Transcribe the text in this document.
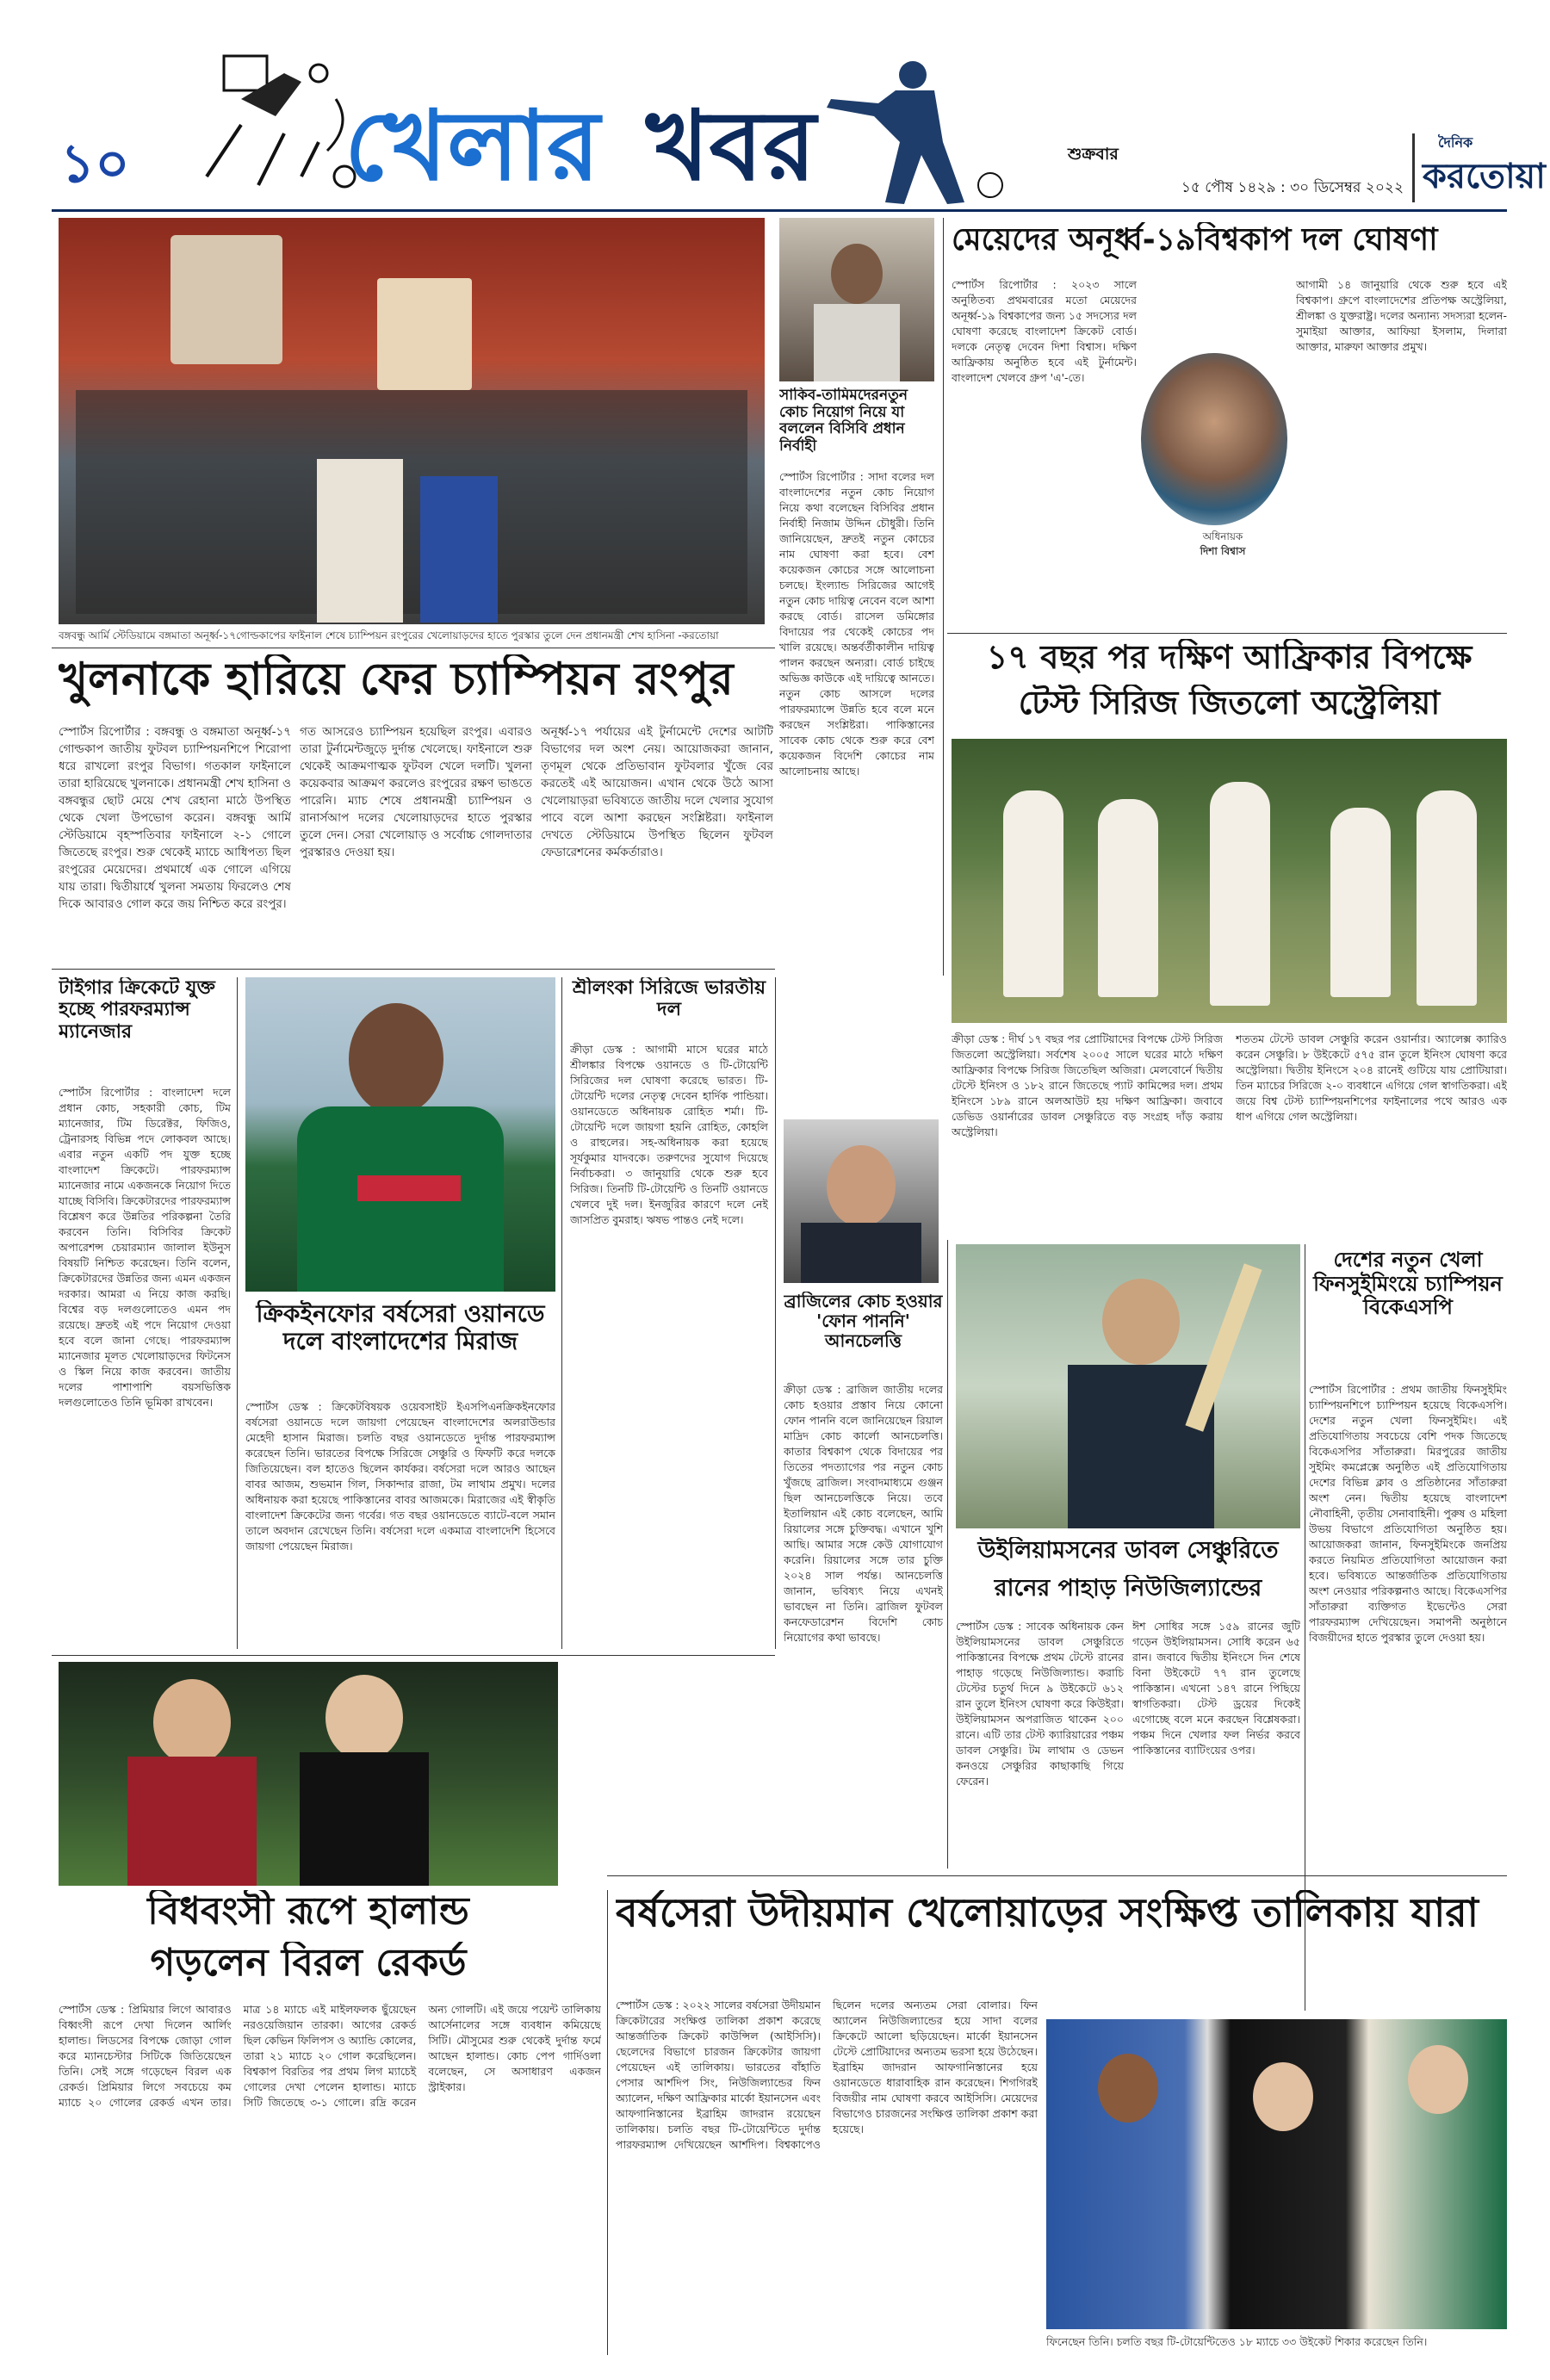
১০	খেলার খবর	শুক্রবার
১৫ পৌষ ১৪২৯ : ৩০ ডিসেম্বর ২০২২
দৈনিক
করতোয়া
বঙ্গবন্ধু আর্মি স্টেডিয়ামে বঙ্গমাতা অনূর্ধ্ব-১৭গোল্ডকাপের ফাইনাল শেষে চ্যাম্পিয়ন রংপুরের খেলোয়াড়দের হাতে পুরস্কার তুলে দেন প্রধানমন্ত্রী শেখ হাসিনা -করতোয়া
খুলনাকে হারিয়ে ফের চ্যাম্পিয়ন রংপুর
স্পোর্টস রিপোর্টার : বঙ্গবন্ধু ও বঙ্গমাতা অনূর্ধ্ব-১৭ গোল্ডকাপ জাতীয় ফুটবল চ্যাম্পিয়নশিপে শিরোপা ধরে রাখলো রংপুর বিভাগ। গতকাল ফাইনালে তারা হারিয়েছে খুলনাকে। প্রধানমন্ত্রী শেখ হাসিনা ও বঙ্গবন্ধুর ছোট মেয়ে শেখ রেহানা মাঠে উপস্থিত থেকে খেলা উপভোগ করেন। বঙ্গবন্ধু আর্মি স্টেডিয়ামে বৃহস্পতিবার ফাইনালে ২-১ গোলে জিতেছে রংপুর। শুরু থেকেই ম্যাচে আধিপত্য ছিল রংপুরের মেয়েদের। প্রথমার্ধে এক গোলে এগিয়ে যায় তারা। দ্বিতীয়ার্ধে খুলনা সমতায় ফিরলেও শেষ দিকে আবারও গোল করে জয় নিশ্চিত করে রংপুর।
গত আসরেও চ্যাম্পিয়ন হয়েছিল রংপুর। এবারও তারা টুর্নামেন্টজুড়ে দুর্দান্ত খেলেছে। ফাইনালে শুরু থেকেই আক্রমণাত্মক ফুটবল খেলে দলটি। খুলনা কয়েকবার আক্রমণ করলেও রংপুরের রক্ষণ ভাঙতে পারেনি। ম্যাচ শেষে প্রধানমন্ত্রী চ্যাম্পিয়ন ও রানার্সআপ দলের খেলোয়াড়দের হাতে পুরস্কার তুলে দেন। সেরা খেলোয়াড় ও সর্বোচ্চ গোলদাতার পুরস্কারও দেওয়া হয়।
অনূর্ধ্ব-১৭ পর্যায়ের এই টুর্নামেন্টে দেশের আটটি বিভাগের দল অংশ নেয়। আয়োজকরা জানান, তৃণমূল থেকে প্রতিভাবান ফুটবলার খুঁজে বের করতেই এই আয়োজন। এখান থেকে উঠে আসা খেলোয়াড়রা ভবিষ্যতে জাতীয় দলে খেলার সুযোগ পাবে বলে আশা করছেন সংশ্লিষ্টরা। ফাইনাল দেখতে স্টেডিয়ামে উপস্থিত ছিলেন ফুটবল ফেডারেশনের কর্মকর্তারাও।
সাকিব-তামিমদেরনতুন কোচ নিয়োগ নিয়ে যা বললেন বিসিবি প্রধান নির্বাহী
স্পোর্টস রিপোর্টার : সাদা বলের দল বাংলাদেশের নতুন কোচ নিয়োগ নিয়ে কথা বলেছেন বিসিবির প্রধান নির্বাহী নিজাম উদ্দিন চৌধুরী। তিনি জানিয়েছেন, দ্রুতই নতুন কোচের নাম ঘোষণা করা হবে। বেশ কয়েকজন কোচের সঙ্গে আলোচনা চলছে। ইংল্যান্ড সিরিজের আগেই নতুন কোচ দায়িত্ব নেবেন বলে আশা করছে বোর্ড। রাসেল ডমিঙ্গোর বিদায়ের পর থেকেই কোচের পদ খালি রয়েছে। অন্তর্বর্তীকালীন দায়িত্ব পালন করছেন অন্যরা। বোর্ড চাইছে অভিজ্ঞ কাউকে এই দায়িত্বে আনতে। নতুন কোচ আসলে দলের পারফরম্যান্সে উন্নতি হবে বলে মনে করছেন সংশ্লিষ্টরা। পাকিস্তানের সাবেক কোচ থেকে শুরু করে বেশ কয়েকজন বিদেশি কোচের নাম আলোচনায় আছে।
মেয়েদের অনূর্ধ্ব-১৯বিশ্বকাপ দল ঘোষণা
স্পোর্টস রিপোর্টার : ২০২৩ সালে অনুষ্ঠিতব্য প্রথমবারের মতো মেয়েদের অনূর্ধ্ব-১৯ বিশ্বকাপের জন্য ১৫ সদস্যের দল ঘোষণা করেছে বাংলাদেশ ক্রিকেট বোর্ড। দলকে নেতৃত্ব দেবেন দিশা বিশ্বাস। দক্ষিণ আফ্রিকায় অনুষ্ঠিত হবে এই টুর্নামেন্ট। বাংলাদেশ খেলবে গ্রুপ 'এ'-তে।
অধিনায়ক
দিশা বিশ্বাস
আগামী ১৪ জানুয়ারি থেকে শুরু হবে এই বিশ্বকাপ। গ্রুপে বাংলাদেশের প্রতিপক্ষ অস্ট্রেলিয়া, শ্রীলঙ্কা ও যুক্তরাষ্ট্র। দলের অন্যান্য সদস্যরা হলেন- সুমাইয়া আক্তার, আফিয়া ইসলাম, দিলারা আক্তার, মারুফা আক্তার প্রমুখ।
১৭ বছর পর দক্ষিণ আফ্রিকার বিপক্ষে
টেস্ট সিরিজ জিতলো অস্ট্রেলিয়া
ক্রীড়া ডেস্ক : দীর্ঘ ১৭ বছর পর প্রোটিয়াদের বিপক্ষে টেস্ট সিরিজ জিতলো অস্ট্রেলিয়া। সর্বশেষ ২০০৫ সালে ঘরের মাঠে দক্ষিণ আফ্রিকার বিপক্ষে সিরিজ জিতেছিল অজিরা। মেলবোর্নে দ্বিতীয় টেস্টে ইনিংস ও ১৮২ রানে জিতেছে প্যাট কামিন্সের দল। প্রথম ইনিংসে ১৮৯ রানে অলআউট হয় দক্ষিণ আফ্রিকা। জবাবে ডেভিড ওয়ার্নারের ডাবল সেঞ্চুরিতে বড় সংগ্রহ দাঁড় করায় অস্ট্রেলিয়া।
শততম টেস্টে ডাবল সেঞ্চুরি করেন ওয়ার্নার। অ্যালেক্স ক্যারিও করেন সেঞ্চুরি। ৮ উইকেটে ৫৭৫ রান তুলে ইনিংস ঘোষণা করে অস্ট্রেলিয়া। দ্বিতীয় ইনিংসে ২০৪ রানেই গুটিয়ে যায় প্রোটিয়ারা। তিন ম্যাচের সিরিজে ২-০ ব্যবধানে এগিয়ে গেল স্বাগতিকরা। এই জয়ে বিশ্ব টেস্ট চ্যাম্পিয়নশিপের ফাইনালের পথে আরও এক ধাপ এগিয়ে গেল অস্ট্রেলিয়া।
টাইগার ক্রিকেটে যুক্ত হচ্ছে পারফরম্যান্স ম্যানেজার
স্পোর্টস রিপোর্টার : বাংলাদেশ দলে প্রধান কোচ, সহকারী কোচ, টিম ম্যানেজার, টিম ডিরেক্টর, ফিজিও, ট্রেনারসহ বিভিন্ন পদে লোকবল আছে। এবার নতুন একটি পদ যুক্ত হচ্ছে বাংলাদেশ ক্রিকেটে। পারফরম্যান্স ম্যানেজার নামে একজনকে নিয়োগ দিতে যাচ্ছে বিসিবি। ক্রিকেটারদের পারফরম্যান্স বিশ্লেষণ করে উন্নতির পরিকল্পনা তৈরি করবেন তিনি। বিসিবির ক্রিকেট অপারেশন্স চেয়ারম্যান জালাল ইউনুস বিষয়টি নিশ্চিত করেছেন। তিনি বলেন, ক্রিকেটারদের উন্নতির জন্য এমন একজন দরকার। আমরা এ নিয়ে কাজ করছি। বিশ্বের বড় দলগুলোতেও এমন পদ রয়েছে। দ্রুতই এই পদে নিয়োগ দেওয়া হবে বলে জানা গেছে। পারফরম্যান্স ম্যানেজার মূলত খেলোয়াড়দের ফিটনেস ও স্কিল নিয়ে কাজ করবেন। জাতীয় দলের পাশাপাশি বয়সভিত্তিক দলগুলোতেও তিনি ভূমিকা রাখবেন।
ক্রিকইনফোর বর্ষসেরা ওয়ানডে দলে বাংলাদেশের মিরাজ
স্পোর্টস ডেস্ক : ক্রিকেটবিষয়ক ওয়েবসাইট ইএসপিএনক্রিকইনফোর বর্ষসেরা ওয়ানডে দলে জায়গা পেয়েছেন বাংলাদেশের অলরাউন্ডার মেহেদী হাসান মিরাজ। চলতি বছর ওয়ানডেতে দুর্দান্ত পারফরম্যান্স করেছেন তিনি। ভারতের বিপক্ষে সিরিজে সেঞ্চুরি ও ফিফটি করে দলকে জিতিয়েছেন। বল হাতেও ছিলেন কার্যকর। বর্ষসেরা দলে আরও আছেন বাবর আজম, শুভমান গিল, সিকান্দার রাজা, টম লাথাম প্রমুখ। দলের অধিনায়ক করা হয়েছে পাকিস্তানের বাবর আজমকে। মিরাজের এই স্বীকৃতি বাংলাদেশ ক্রিকেটের জন্য গর্বের। গত বছর ওয়ানডেতে ব্যাটে-বলে সমান তালে অবদান রেখেছেন তিনি। বর্ষসেরা দলে একমাত্র বাংলাদেশি হিসেবে জায়গা পেয়েছেন মিরাজ।
শ্রীলংকা সিরিজে ভারতীয় দল
ক্রীড়া ডেস্ক : আগামী মাসে ঘরের মাঠে শ্রীলঙ্কার বিপক্ষে ওয়ানডে ও টি-টোয়েন্টি সিরিজের দল ঘোষণা করেছে ভারত। টি-টোয়েন্টি দলের নেতৃত্ব দেবেন হার্দিক পান্ডিয়া। ওয়ানডেতে অধিনায়ক রোহিত শর্মা। টি-টোয়েন্টি দলে জায়গা হয়নি রোহিত, কোহলি ও রাহুলের। সহ-অধিনায়ক করা হয়েছে সূর্যকুমার যাদবকে। তরুণদের সুযোগ দিয়েছে নির্বাচকরা। ৩ জানুয়ারি থেকে শুরু হবে সিরিজ। তিনটি টি-টোয়েন্টি ও তিনটি ওয়ানডে খেলবে দুই দল। ইনজুরির কারণে দলে নেই জাসপ্রিত বুমরাহ। ঋষভ পান্তও নেই দলে।
ব্রাজিলের কোচ হওয়ার 'ফোন পাননি' আনচেলত্তি
ক্রীড়া ডেস্ক : ব্রাজিল জাতীয় দলের কোচ হওয়ার প্রস্তাব নিয়ে কোনো ফোন পাননি বলে জানিয়েছেন রিয়াল মাদ্রিদ কোচ কার্লো আনচেলত্তি। কাতার বিশ্বকাপ থেকে বিদায়ের পর তিতের পদত্যাগের পর নতুন কোচ খুঁজছে ব্রাজিল। সংবাদমাধ্যমে গুঞ্জন ছিল আনচেলত্তিকে নিয়ে। তবে ইতালিয়ান এই কোচ বলেছেন, আমি রিয়ালের সঙ্গে চুক্তিবদ্ধ। এখানে খুশি আছি। আমার সঙ্গে কেউ যোগাযোগ করেনি। রিয়ালের সঙ্গে তার চুক্তি ২০২৪ সাল পর্যন্ত। আনচেলত্তি জানান, ভবিষ্যৎ নিয়ে এখনই ভাবছেন না তিনি। ব্রাজিল ফুটবল কনফেডারেশন বিদেশি কোচ নিয়োগের কথা ভাবছে।
দেশের নতুন খেলা ফিনসুইমিংয়ে চ্যাম্পিয়ন বিকেএসপি
স্পোর্টস রিপোর্টার : প্রথম জাতীয় ফিনসুইমিং চ্যাম্পিয়নশিপে চ্যাম্পিয়ন হয়েছে বিকেএসপি। দেশের নতুন খেলা ফিনসুইমিং। এই প্রতিযোগিতায় সবচেয়ে বেশি পদক জিতেছে বিকেএসপির সাঁতারুরা। মিরপুরের জাতীয় সুইমিং কমপ্লেক্সে অনুষ্ঠিত এই প্রতিযোগিতায় দেশের বিভিন্ন ক্লাব ও প্রতিষ্ঠানের সাঁতারুরা অংশ নেন। দ্বিতীয় হয়েছে বাংলাদেশ নৌবাহিনী, তৃতীয় সেনাবাহিনী। পুরুষ ও মহিলা উভয় বিভাগে প্রতিযোগিতা অনুষ্ঠিত হয়। আয়োজকরা জানান, ফিনসুইমিংকে জনপ্রিয় করতে নিয়মিত প্রতিযোগিতা আয়োজন করা হবে। ভবিষ্যতে আন্তর্জাতিক প্রতিযোগিতায় অংশ নেওয়ার পরিকল্পনাও আছে। বিকেএসপির সাঁতারুরা ব্যক্তিগত ইভেন্টেও সেরা পারফরম্যান্স দেখিয়েছেন। সমাপনী অনুষ্ঠানে বিজয়ীদের হাতে পুরস্কার তুলে দেওয়া হয়।
উইলিয়ামসনের ডাবল সেঞ্চুরিতে
রানের পাহাড় নিউজিল্যান্ডের
স্পোর্টস ডেস্ক : সাবেক অধিনায়ক কেন উইলিয়ামসনের ডাবল সেঞ্চুরিতে পাকিস্তানের বিপক্ষে প্রথম টেস্টে রানের পাহাড় গড়েছে নিউজিল্যান্ড। করাচি টেস্টের চতুর্থ দিনে ৯ উইকেটে ৬১২ রান তুলে ইনিংস ঘোষণা করে কিউইরা। উইলিয়ামসন অপরাজিত থাকেন ২০০ রানে। এটি তার টেস্ট ক্যারিয়ারের পঞ্চম ডাবল সেঞ্চুরি। টম লাথাম ও ডেভন কনওয়ে সেঞ্চুরির কাছাকাছি গিয়ে ফেরেন।
ঈশ সোধির সঙ্গে ১৫৯ রানের জুটি গড়েন উইলিয়ামসন। সোধি করেন ৬৫ রান। জবাবে দ্বিতীয় ইনিংসে দিন শেষে বিনা উইকেটে ৭৭ রান তুলেছে পাকিস্তান। এখনো ১৪৭ রানে পিছিয়ে স্বাগতিকরা। টেস্ট ড্রয়ের দিকেই এগোচ্ছে বলে মনে করছেন বিশ্লেষকরা। পঞ্চম দিনে খেলার ফল নির্ভর করবে পাকিস্তানের ব্যাটিংয়ের ওপর।
বিধবংসী রূপে হালান্ড
গড়লেন বিরল রেকর্ড
স্পোর্টস ডেস্ক : প্রিমিয়ার লিগে আবারও বিধ্বংসী রূপে দেখা দিলেন আর্লিং হালান্ড। লিডসের বিপক্ষে জোড়া গোল করে ম্যানচেস্টার সিটিকে জিতিয়েছেন তিনি। সেই সঙ্গে গড়েছেন বিরল এক রেকর্ড। প্রিমিয়ার লিগে সবচেয়ে কম ম্যাচে ২০ গোলের রেকর্ড এখন তার। মাত্র ১৪ ম্যাচে এই মাইলফলক ছুঁয়েছেন নরওয়েজিয়ান তারকা। আগের রেকর্ড ছিল কেভিন ফিলিপস ও অ্যান্ডি কোলের, তারা ২১ ম্যাচে ২০ গোল করেছিলেন। বিশ্বকাপ বিরতির পর প্রথম লিগ ম্যাচেই গোলের দেখা পেলেন হালান্ড। ম্যাচে সিটি জিতেছে ৩-১ গোলে। রদ্রি করেন অন্য গোলটি। এই জয়ে পয়েন্ট তালিকায় আর্সেনালের সঙ্গে ব্যবধান কমিয়েছে সিটি। মৌসুমের শুরু থেকেই দুর্দান্ত ফর্মে আছেন হালান্ড। কোচ পেপ গার্দিওলা বলেছেন, সে অসাধারণ একজন স্ট্রাইকার।
বর্ষসেরা উদীয়মান খেলোয়াড়ের সংক্ষিপ্ত তালিকায় যারা
স্পোর্টস ডেস্ক : ২০২২ সালের বর্ষসেরা উদীয়মান ক্রিকেটারের সংক্ষিপ্ত তালিকা প্রকাশ করেছে আন্তর্জাতিক ক্রিকেট কাউন্সিল (আইসিসি)। ছেলেদের বিভাগে চারজন ক্রিকেটার জায়গা পেয়েছেন এই তালিকায়। ভারতের বাঁহাতি পেসার আর্শদিপ সিং, নিউজিল্যান্ডের ফিন অ্যালেন, দক্ষিণ আফ্রিকার মার্কো ইয়ানসেন এবং আফগানিস্তানের ইব্রাহিম জাদরান রয়েছেন তালিকায়। চলতি বছর টি-টোয়েন্টিতে দুর্দান্ত পারফরম্যান্স দেখিয়েছেন আর্শদিপ। বিশ্বকাপেও ছিলেন দলের অন্যতম সেরা বোলার। ফিন অ্যালেন নিউজিল্যান্ডের হয়ে সাদা বলের ক্রিকেটে আলো ছড়িয়েছেন। মার্কো ইয়ানসেন টেস্টে প্রোটিয়াদের অন্যতম ভরসা হয়ে উঠেছেন। ইব্রাহিম জাদরান আফগানিস্তানের হয়ে ওয়ানডেতে ধারাবাহিক রান করেছেন। শিগগিরই বিজয়ীর নাম ঘোষণা করবে আইসিসি। মেয়েদের বিভাগেও চারজনের সংক্ষিপ্ত তালিকা প্রকাশ করা হয়েছে।
ফিনেছেন তিনি। চলতি বছর টি-টোয়েন্টিতেও ১৮ ম্যাচে ৩৩ উইকেট শিকার করেছেন তিনি।
